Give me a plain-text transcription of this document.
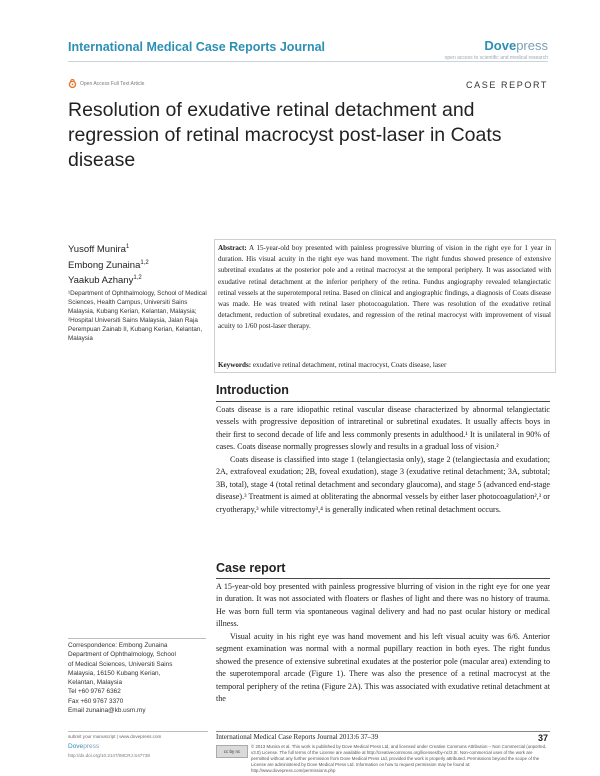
International Medical Case Reports Journal	Dovepress
open access to scientific and medical research
Open Access Full Text Article	CASE REPORT
Resolution of exudative retinal detachment and regression of retinal macrocyst post-laser in Coats disease
Yusoff Munira$^1$
Embong Zunaina$^{1,2}$
Yaakub Azhany$^{1,2}$
¹Department of Ophthalmology, School of Medical Sciences, Health Campus, Universiti Sains Malaysia, Kubang Kerian, Kelantan, Malaysia; ²Hospital Universiti Sains Malaysia, Jalan Raja Perempuan Zainab II, Kubang Kerian, Kelantan, Malaysia
Abstract: A 15-year-old boy presented with painless progressive blurring of vision in the right eye for 1 year in duration. His visual acuity in the right eye was hand movement. The right fundus showed presence of extensive subretinal exudates at the posterior pole and a retinal macrocyst at the temporal periphery. It was associated with exudative retinal detachment at the inferior periphery of the retina. Fundus angiography revealed telangiectatic retinal vessels at the superotemporal retina. Based on clinical and angiographic findings, a diagnosis of Coats disease was made. He was treated with retinal laser photocoagulation. There was resolution of the exudative retinal detachment, reduction of subretinal exudates, and regression of the retinal macrocyst with improvement of visual acuity to 1/60 post-laser therapy.
Keywords: exudative retinal detachment, retinal macrocyst, Coats disease, laser
Introduction

Coats disease is a rare idiopathic retinal vascular disease characterized by abnormal telangiectatic vessels with progressive deposition of intraretinal or subretinal exudates. It usually affects boys in their first to second decade of life and less commonly presents in adulthood.¹ It is unilateral in 90% of cases. Coats disease normally progresses slowly and results in a gradual loss of vision.²

Coats disease is classified into stage 1 (telangiectasia only), stage 2 (telangiectasia and exudation; 2A, extrafoveal exudation; 2B, foveal exudation), stage 3 (exudative retinal detachment; 3A, subtotal; 3B, total), stage 4 (total retinal detachment and secondary glaucoma), and stage 5 (advanced end-stage disease).³ Treatment is aimed at obliterating the abnormal vessels by either laser photocoagulation²,³ or cryotherapy,³ while vitrectomy³,⁴ is generally indicated when retinal detachment occurs.

Case report

A 15-year-old boy presented with painless progressive blurring of vision in the right eye for one year in duration. It was not associated with floaters or flashes of light and there was no history of trauma. He was born full term via spontaneous vaginal delivery and had no past ocular history or medical illness.

Visual acuity in his right eye was hand movement and his left visual acuity was 6/6. Anterior segment examination was normal with a normal pupillary reaction in both eyes. The right fundus showed the presence of extensive subretinal exudates at the posterior pole (macular area) extending to the superotemporal arcade (Figure 1). There was also the presence of a retinal macrocyst at the temporal periphery of the retina (Figure 2A). This was associated with exudative retinal detachment at the

Correspondence: Embong Zunaina
Department of Ophthalmology, School
of Medical Sciences, Universiti Sains
Malaysia, 16150 Kubang Kerian,
Kelantan, Malaysia
Tel +60 9767 6362
Fax +60 9767 3370
Email zunaina@kb.usm.my
submit your manuscript | www.dovepress.com
Dovepress
http://dx.doi.org/10.2147/IMCRJ.S47738
International Medical Case Reports Journal 2013:6 37–39	37
cc by nc
© 2013 Munira et al. This work is published by Dove Medical Press Ltd, and licensed under Creative Commons Attribution – Non Commercial (unported, v3.0) License. The full terms of the License are available at http://creativecommons.org/licenses/by-nc/3.0/. Non-commercial uses of the work are permitted without any further permission from Dove Medical Press Ltd, provided the work is properly attributed. Permissions beyond the scope of the License are administered by Dove Medical Press Ltd. Information on how to request permission may be found at: http://www.dovepress.com/permissions.php
